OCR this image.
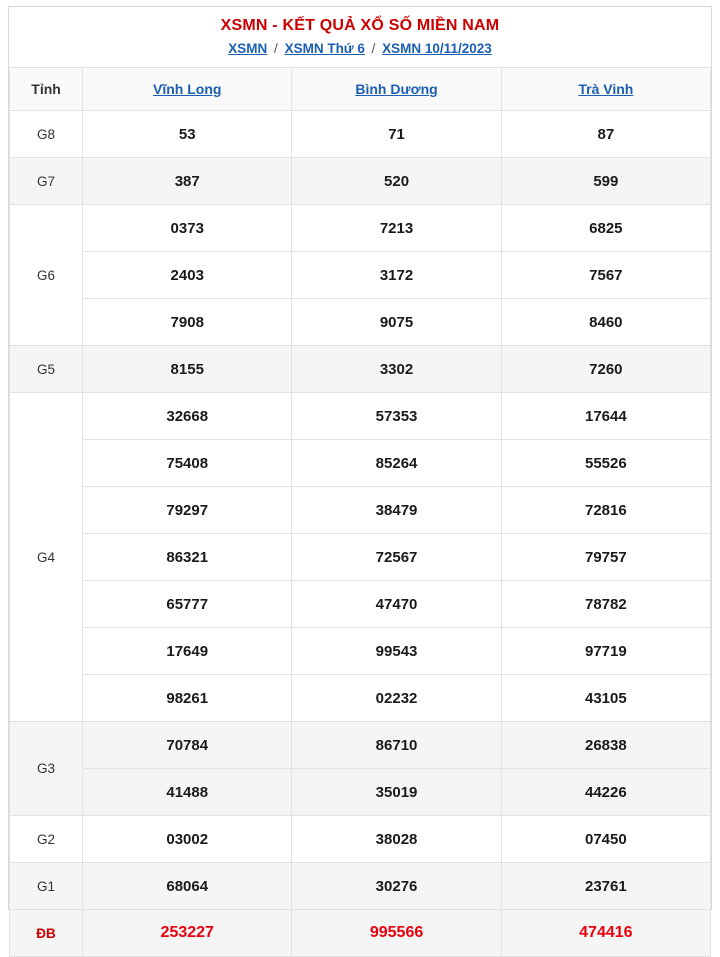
XSMN - KẾT QUẢ XỔ SỐ MIỀN NAM
XSMN / XSMN Thứ 6 / XSMN 10/11/2023
Tỉnh	Vĩnh Long	Bình Dương	Trà Vinh
G8	53	71	87
G7	387	520	599
G6	0373	7213	6825
	2403	3172	7567
	7908	9075	8460
G5	8155	3302	7260
G4	32668	57353	17644
	75408	85264	55526
	79297	38479	72816
	86321	72567	79757
	65777	47470	78782
	17649	99543	97719
	98261	02232	43105
G3	70784	86710	26838
	41488	35019	44226
G2	03002	38028	07450
G1	68064	30276	23761
ĐB	253227	995566	474416
